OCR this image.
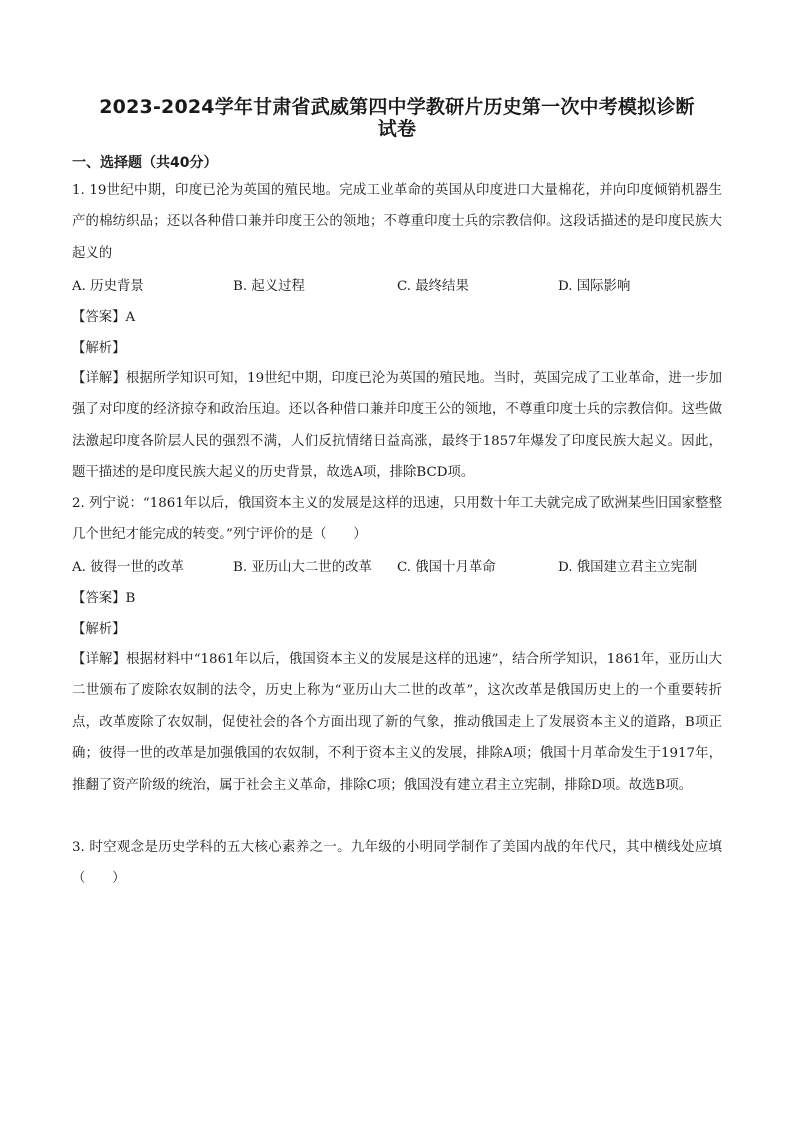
2023-2024学年甘肃省武威第四中学教研片历史第一次中考模拟诊断
试卷
一、选择题（共40分）
1. 19世纪中期，印度已沦为英国的殖民地。完成工业革命的英国从印度进口大量棉花，并向印度倾销机器生产的棉纺织品；还以各种借口兼并印度王公的领地；不尊重印度士兵的宗教信仰。这段话描述的是印度民族大起义的
A. 历史背景	B. 起义过程	C. 最终结果	D. 国际影响
【答案】A
【解析】
【详解】根据所学知识可知，19世纪中期，印度已沦为英国的殖民地。当时，英国完成了工业革命，进一步加强了对印度的经济掠夺和政治压迫。还以各种借口兼并印度王公的领地，不尊重印度士兵的宗教信仰。这些做法激起印度各阶层人民的强烈不满，人们反抗情绪日益高涨，最终于1857年爆发了印度民族大起义。因此，题干描述的是印度民族大起义的历史背景，故选A项，排除BCD项。
2. 列宁说：“1861年以后，俄国资本主义的发展是这样的迅速，只用数十年工夫就完成了欧洲某些旧国家整整几个世纪才能完成的转变。”列宁评价的是（　　）
A. 彼得一世的改革	B. 亚历山大二世的改革 C. 俄国十月革命	D. 俄国建立君主立宪制
【答案】B
【解析】
【详解】根据材料中“1861年以后，俄国资本主义的发展是这样的迅速”，结合所学知识，1861年，亚历山大二世颁布了废除农奴制的法令，历史上称为“亚历山大二世的改革”，这次改革是俄国历史上的一个重要转折点，改革废除了农奴制，促使社会的各个方面出现了新的气象，推动俄国走上了发展资本主义的道路，B项正确；彼得一世的改革是加强俄国的农奴制，不利于资本主义的发展，排除A项；俄国十月革命发生于1917年，推翻了资产阶级的统治，属于社会主义革命，排除C项；俄国没有建立君主立宪制，排除D项。故选B项。
3. 时空观念是历史学科的五大核心素养之一。九年级的小明同学制作了美国内战的年代尺，其中横线处应填（　　）
